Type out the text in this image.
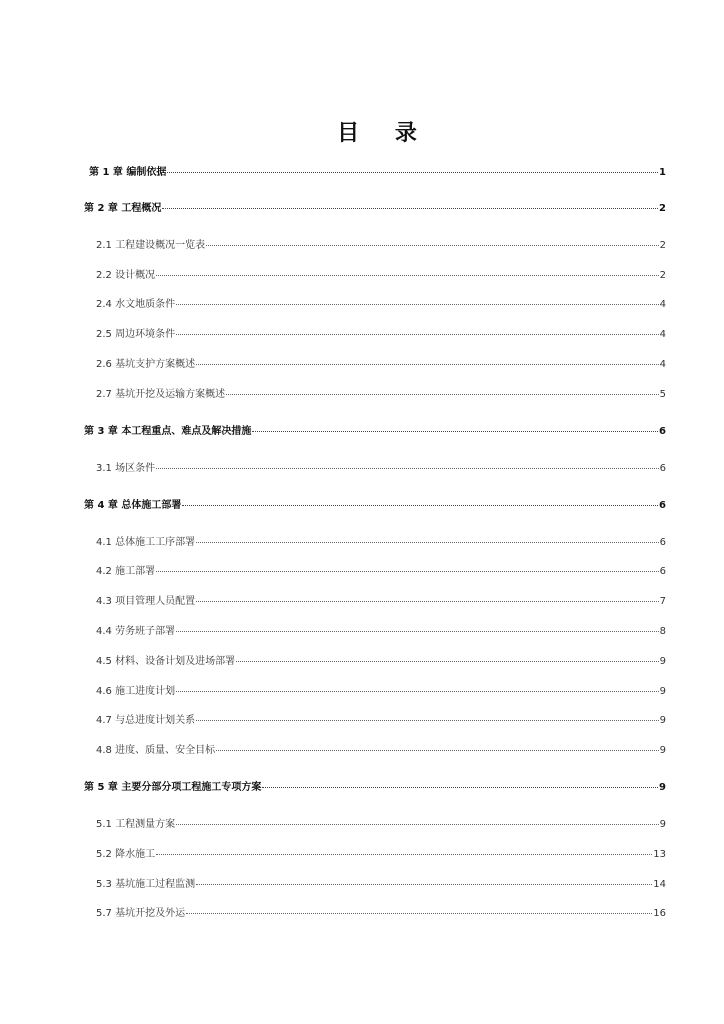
目 录
第 1 章 编制依据	1
第 2 章 工程概况	2
2.1 工程建设概况一览表	2
2.2 设计概况	2
2.4 水文地质条件	4
2.5 周边环境条件	4
2.6 基坑支护方案概述	4
2.7 基坑开挖及运输方案概述	5
第 3 章 本工程重点、难点及解决措施	6
3.1 场区条件	6
第 4 章 总体施工部署	6
4.1 总体施工工序部署	6
4.2 施工部署	6
4.3 项目管理人员配置	7
4.4 劳务班子部署	8
4.5 材料、设备计划及进场部署	9
4.6 施工进度计划	9
4.7 与总进度计划关系	9
4.8 进度、质量、安全目标	9
第 5 章 主要分部分项工程施工专项方案	9
5.1 工程测量方案	9
5.2 降水施工	13
5.3 基坑施工过程监测	14
5.7 基坑开挖及外运	16
